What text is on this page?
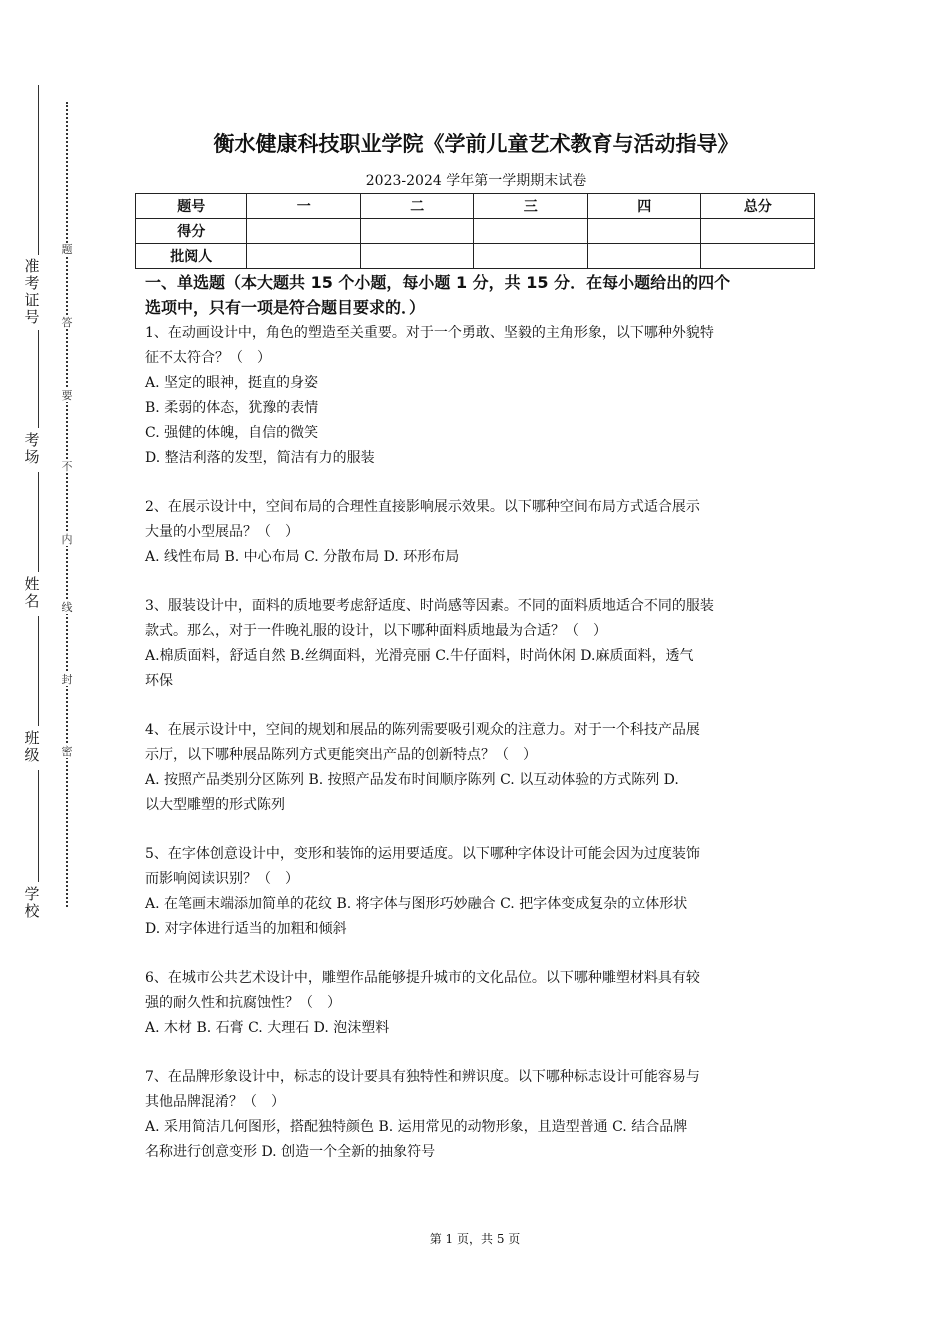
准考证号
考场
姓名
班级
学校
题
答
要
不
内
线
封
密
衡水健康科技职业学院《学前儿童艺术教育与活动指导》
2023-2024 学年第一学期期末试卷
题号	一	二	三	四	总分
得分					
批阅人					
一、单选题（本大题共 15 个小题，每小题 1 分，共 15 分．在每小题给出的四个
选项中，只有一项是符合题目要求的．）

1、在动画设计中，角色的塑造至关重要。对于一个勇敢、坚毅的主角形象，以下哪种外貌特

征不太符合？（　）

A. 坚定的眼神，挺直的身姿

B. 柔弱的体态，犹豫的表情

C. 强健的体魄，自信的微笑

D. 整洁利落的发型，简洁有力的服装

2、在展示设计中，空间布局的合理性直接影响展示效果。以下哪种空间布局方式适合展示

大量的小型展品？（　）

A. 线性布局 B. 中心布局 C. 分散布局 D. 环形布局

3、服装设计中，面料的质地要考虑舒适度、时尚感等因素。不同的面料质地适合不同的服装

款式。那么，对于一件晚礼服的设计，以下哪种面料质地最为合适？（　）

A.棉质面料，舒适自然 B.丝绸面料，光滑亮丽 C.牛仔面料，时尚休闲 D.麻质面料，透气

环保

4、在展示设计中，空间的规划和展品的陈列需要吸引观众的注意力。对于一个科技产品展

示厅，以下哪种展品陈列方式更能突出产品的创新特点？（　）

A. 按照产品类别分区陈列 B. 按照产品发布时间顺序陈列 C. 以互动体验的方式陈列 D.

以大型雕塑的形式陈列

5、在字体创意设计中，变形和装饰的运用要适度。以下哪种字体设计可能会因为过度装饰

而影响阅读识别？（　）

A. 在笔画末端添加简单的花纹 B. 将字体与图形巧妙融合 C. 把字体变成复杂的立体形状

D. 对字体进行适当的加粗和倾斜

6、在城市公共艺术设计中，雕塑作品能够提升城市的文化品位。以下哪种雕塑材料具有较

强的耐久性和抗腐蚀性？（　）

A. 木材 B. 石膏 C. 大理石 D. 泡沫塑料

7、在品牌形象设计中，标志的设计要具有独特性和辨识度。以下哪种标志设计可能容易与

其他品牌混淆？（　）

A. 采用简洁几何图形，搭配独特颜色 B. 运用常见的动物形象，且造型普通 C. 结合品牌

名称进行创意变形 D. 创造一个全新的抽象符号

第 1 页，共 5 页
